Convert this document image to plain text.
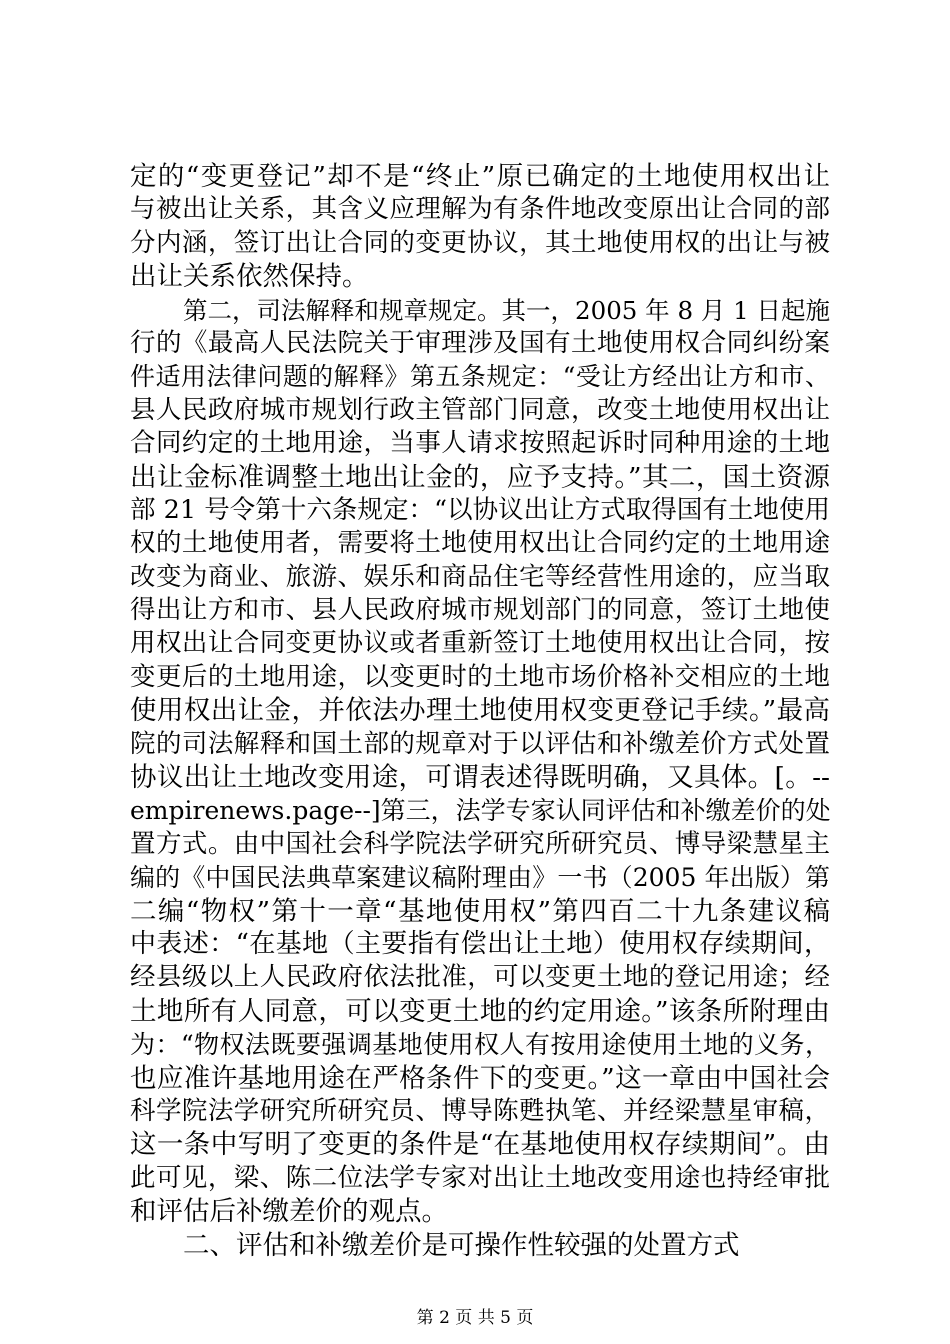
定的“变更登记”却不是“终止”原已确定的土地使用权出让
与被出让关系，其含义应理解为有条件地改变原出让合同的部
分内涵，签订出让合同的变更协议，其土地使用权的出让与被
出让关系依然保持。
第二，司法解释和规章规定。其一，2005 年 8 月 1 日起施
行的《最高人民法院关于审理涉及国有土地使用权合同纠纷案
件适用法律问题的解释》第五条规定：“受让方经出让方和市、
县人民政府城市规划行政主管部门同意，改变土地使用权出让
合同约定的土地用途，当事人请求按照起诉时同种用途的土地
出让金标准调整土地出让金的，应予支持。”其二，国土资源
部 21 号令第十六条规定：“以协议出让方式取得国有土地使用
权的土地使用者，需要将土地使用权出让合同约定的土地用途
改变为商业、旅游、娱乐和商品住宅等经营性用途的，应当取
得出让方和市、县人民政府城市规划部门的同意，签订土地使
用权出让合同变更协议或者重新签订土地使用权出让合同，按
变更后的土地用途，以变更时的土地市场价格补交相应的土地
使用权出让金，并依法办理土地使用权变更登记手续。”最高
院的司法解释和国土部的规章对于以评估和补缴差价方式处置
协议出让土地改变用途，可谓表述得既明确，又具体。[。--
empirenews.page--]第三，法学专家认同评估和补缴差价的处
置方式。由中国社会科学院法学研究所研究员、博导梁慧星主
编的《中国民法典草案建议稿附理由》一书（2005 年出版）第
二编“物权”第十一章“基地使用权”第四百二十九条建议稿
中表述：“在基地（主要指有偿出让土地）使用权存续期间，
经县级以上人民政府依法批准，可以变更土地的登记用途；经
土地所有人同意，可以变更土地的约定用途。”该条所附理由
为：“物权法既要强调基地使用权人有按用途使用土地的义务，
也应准许基地用途在严格条件下的变更。”这一章由中国社会
科学院法学研究所研究员、博导陈甦执笔、并经梁慧星审稿，
这一条中写明了变更的条件是“在基地使用权存续期间”。由
此可见，梁、陈二位法学专家对出让土地改变用途也持经审批
和评估后补缴差价的观点。
二、评估和补缴差价是可操作性较强的处置方式
第 2 页 共 5 页
